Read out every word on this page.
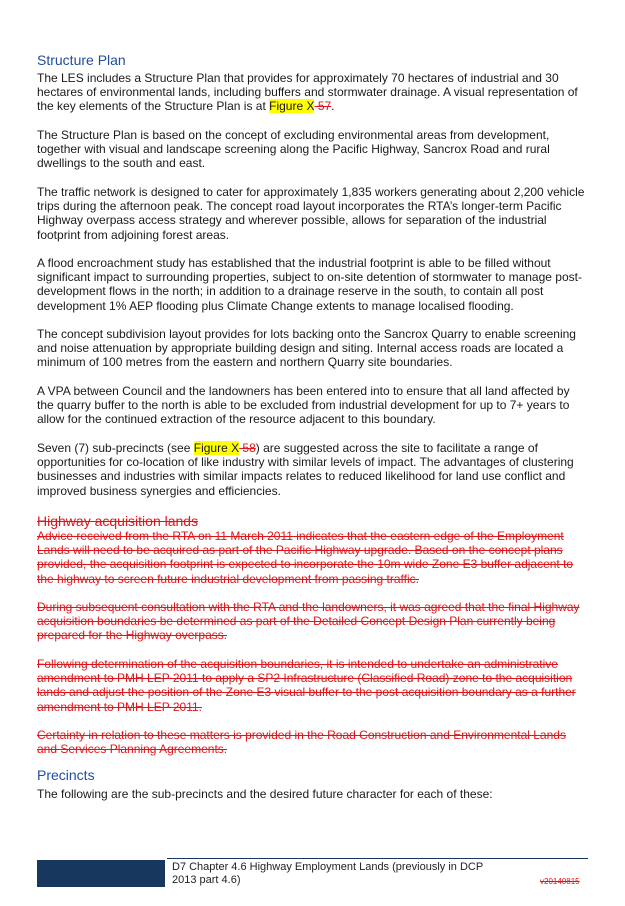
Structure Plan

The LES includes a Structure Plan that provides for approximately 70 hectares of industrial and 30 hectares of environmental lands, including buffers and stormwater drainage. A visual representation of the key elements of the Structure Plan is at Figure X 57.

The Structure Plan is based on the concept of excluding environmental areas from development, together with visual and landscape screening along the Pacific Highway, Sancrox Road and rural dwellings to the south and east.

The traffic network is designed to cater for approximately 1,835 workers generating about 2,200 vehicle trips during the afternoon peak. The concept road layout incorporates the RTA’s longer-term Pacific Highway overpass access strategy and wherever possible, allows for separation of the industrial footprint from adjoining forest areas.

A flood encroachment study has established that the industrial footprint is able to be filled without significant impact to surrounding properties, subject to on-site detention of stormwater to manage post-development flows in the north; in addition to a drainage reserve in the south, to contain all post development 1% AEP flooding plus Climate Change extents to manage localised flooding.

The concept subdivision layout provides for lots backing onto the Sancrox Quarry to enable screening and noise attenuation by appropriate building design and siting. Internal access roads are located a minimum of 100 metres from the eastern and northern Quarry site boundaries.

A VPA between Council and the landowners has been entered into to ensure that all land affected by the quarry buffer to the north is able to be excluded from industrial development for up to 7+ years to allow for the continued extraction of the resource adjacent to this boundary.

Seven (7) sub-precincts (see Figure X 58) are suggested across the site to facilitate a range of opportunities for co-location of like industry with similar levels of impact. The advantages of clustering businesses and industries with similar impacts relates to reduced likelihood for land use conflict and improved business synergies and efficiencies.

Highway acquisition lands

Advice received from the RTA on 11 March 2011 indicates that the eastern edge of the Employment Lands will need to be acquired as part of the Pacific Highway upgrade. Based on the concept plans provided, the acquisition footprint is expected to incorporate the 10m wide Zone E3 buffer adjacent to the highway to screen future industrial development from passing traffic.

During subsequent consultation with the RTA and the landowners, it was agreed that the final Highway acquisition boundaries be determined as part of the Detailed Concept Design Plan currently being prepared for the Highway overpass.

Following determination of the acquisition boundaries, it is intended to undertake an administrative amendment to PMH LEP 2011 to apply a SP2 Infrastructure (Classified Road) zone to the acquisition lands and adjust the position of the Zone E3 visual buffer to the post acquisition boundary as a further amendment to PMH LEP 2011.

Certainty in relation to these matters is provided in the Road Construction and Environmental Lands and Services Planning Agreements.

Precincts

The following are the sub-precincts and the desired future character for each of these:

D7 Chapter 4.6 Highway Employment Lands (previously in DCP 2013 part 4.6)	v20140815
